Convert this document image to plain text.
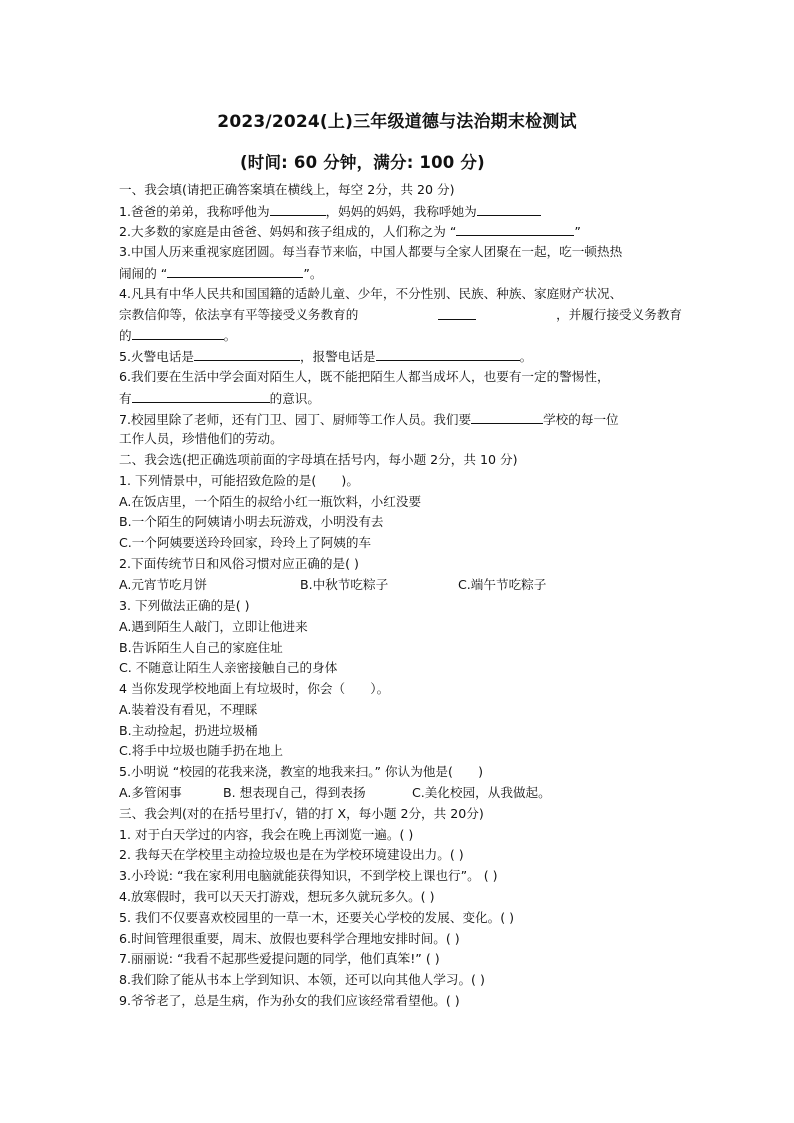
2023/2024(上)三年级道德与法治期末检测试
(时间: 60 分钟，满分: 100 分)
一、我会填(请把正确答案填在横线上，每空 2分，共 20 分)
1.爸爸的弟弟，我称呼他为	，妈妈的妈妈，我称呼她为
2.大多数的家庭是由爸爸、妈妈和孩子组成的，人们称之为 “	”
3.中国人历来重视家庭团圆。每当春节来临，中国人都要与全家人团聚在一起，吃一顿热热
闹闹的 “	”。
4.凡具有中华人民共和国国籍的适龄儿童、少年，不分性别、民族、种族、家庭财产状况、
宗教信仰等，依法享有平等接受义务教育的	，并履行接受义务教育
的	。
5.火警电话是	，报警电话是	。
6.我们要在生活中学会面对陌生人，既不能把陌生人都当成坏人，也要有一定的警惕性，
有	的意识。
7.校园里除了老师，还有门卫、园丁、厨师等工作人员。我们要	学校的每一位
工作人员，珍惜他们的劳动。
二、我会选(把正确选项前面的字母填在括号内，每小题 2分，共 10 分)
1. 下列情景中，可能招致危险的是(　　)。
A.在饭店里，一个陌生的叔给小红一瓶饮料，小红没要
B.一个陌生的阿姨请小明去玩游戏，小明没有去
C.一个阿姨要送玲玲回家，玲玲上了阿姨的车
2.下面传统节日和风俗习惯对应正确的是( )
A.元宵节吃月饼	B.中秋节吃粽子	C.端午节吃粽子
3. 下列做法正确的是( )
A.遇到陌生人敲门，立即让他进来
B.告诉陌生人自己的家庭住址
C. 不随意让陌生人亲密接触自己的身体
4 当你发现学校地面上有垃圾时，你会（　　）。
A.装着没有看见，不理睬
B.主动捡起，扔进垃圾桶
C.将手中垃圾也随手扔在地上
5.小明说 “校园的花我来浇，教室的地我来扫。” 你认为他是(　　)
A.多管闲事	B. 想表现自己，得到表扬	C.美化校园，从我做起。
三、我会判(对的在括号里打√，错的打 X，每小题 2分，共 20分)
1. 对于白天学过的内容，我会在晚上再浏览一遍。( )
2. 我每天在学校里主动捡垃圾也是在为学校环境建设出力。( )
3.小玲说: “我在家利用电脑就能获得知识，不到学校上课也行”。 ( )
4.放寒假时，我可以天天打游戏，想玩多久就玩多久。( )
5. 我们不仅要喜欢校园里的一草一木，还要关心学校的发展、变化。( )
6.时间管理很重要，周末、放假也要科学合理地安排时间。( )
7.丽丽说: “我看不起那些爱提问题的同学，他们真笨!” ( )
8.我们除了能从书本上学到知识、本领，还可以向其他人学习。( )
9.爷爷老了，总是生病，作为孙女的我们应该经常看望他。( )
